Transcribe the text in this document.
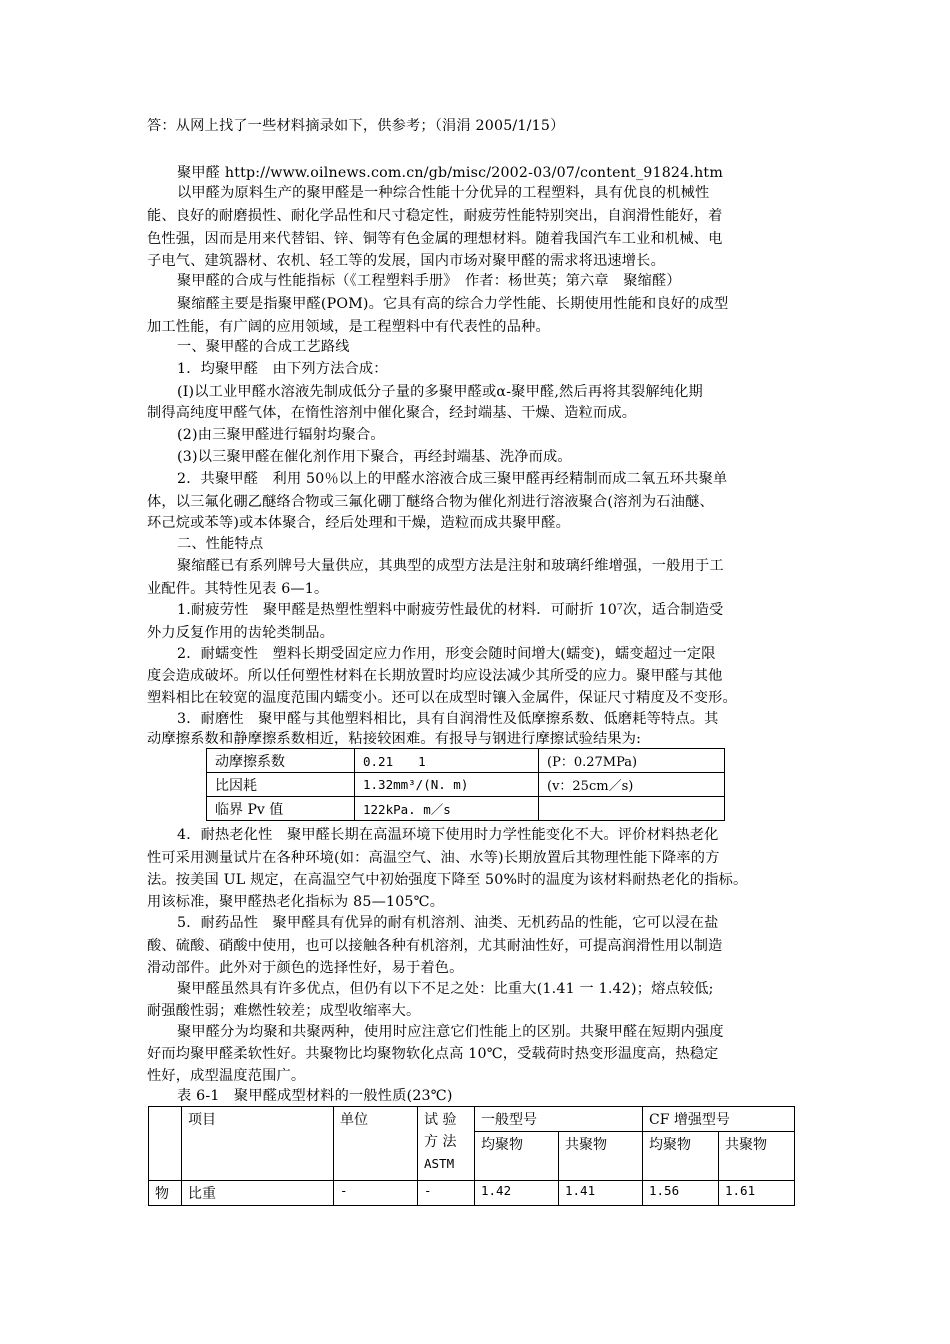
答：从网上找了一些材料摘录如下，供参考；（涓涓 2005/1/15）
聚甲醛 http://www.oilnews.com.cn/gb/misc/2002-03/07/content_91824.htm
以甲醛为原料生产的聚甲醛是一种综合性能十分优异的工程塑料，具有优良的机械性
能、良好的耐磨损性、耐化学品性和尺寸稳定性，耐疲劳性能特别突出，自润滑性能好，着
色性强，因而是用来代替铝、锌、铜等有色金属的理想材料。随着我国汽车工业和机械、电
子电气、建筑器材、农机、轻工等的发展，国内市场对聚甲醛的需求将迅速增长。
聚甲醛的合成与性能指标（《工程塑料手册》　作者：杨世英；第六章　聚缩醛）
聚缩醛主要是指聚甲醛(POM)。它具有高的综合力学性能、长期使用性能和良好的成型
加工性能，有广阔的应用领域，是工程塑料中有代表性的品种。
一、聚甲醛的合成工艺路线
1．均聚甲醛　由下列方法合成：
(I)以工业甲醛水溶液先制成低分子量的多聚甲醛或α-聚甲醛,然后再将其裂解纯化期
制得高纯度甲醛气体，在惰性溶剂中催化聚合，经封端基、干燥、造粒而成。
(2)由三聚甲醛进行辐射均聚合。
(3)以三聚甲醛在催化剂作用下聚合，再经封端基、洗净而成。
2．共聚甲醛　利用 50％以上的甲醛水溶液合成三聚甲醛再经精制而成二氧五环共聚单
体，以三氟化硼乙醚络合物或三氟化硼丁醚络合物为催化剂进行溶液聚合(溶剂为石油醚、
环己烷或苯等)或本体聚合，经后处理和干燥，造粒而成共聚甲醛。
二、性能特点
聚缩醛已有系列牌号大量供应，其典型的成型方法是注射和玻璃纤维增强，一般用于工
业配件。其特性见表 6—1。
1.耐疲劳性　聚甲醛是热塑性塑料中耐疲劳性最优的材料．可耐折 10⁷次，适合制造受
外力反复作用的齿轮类制品。
2．耐蠕变性　塑料长期受固定应力作用，形变会随时间增大(蠕变)，蠕变超过一定限
度会造成破坏。所以任何塑性材料在长期放置时均应设法减少其所受的应力。聚甲醛与其他
塑料相比在较宽的温度范围内蠕变小。还可以在成型时镶入金属件，保证尺寸精度及不变形。
3．耐磨性　聚甲醛与其他塑料相比，具有自润滑性及低摩擦系数、低磨耗等特点。其
动摩擦系数和静摩擦系数相近，粘接较困难。有报导与钢进行摩擦试验结果为:
动摩擦系数	0.21　　1	(P：0.27MPa)
比因耗	1.32mm³/(N. m)	(v：25cm／s)
临界 Pv 值	122kPa. m／s	
4．耐热老化性　聚甲醛长期在高温环境下使用时力学性能变化不大。评价材料热老化
性可采用测量试片在各种环境(如：高温空气、油、水等)长期放置后其物理性能下降率的方
法。按美国 UL 规定，在高温空气中初始强度下降至 50%时的温度为该材料耐热老化的指标。
用该标准，聚甲醛热老化指标为 85—105℃。
5．耐药品性　聚甲醛具有优异的耐有机溶剂、油类、无机药品的性能，它可以浸在盐
酸、硫酸、硝酸中使用，也可以接触各种有机溶剂，尤其耐油性好，可提高润滑性用以制造
滑动部件。此外对于颜色的选择性好，易于着色。
聚甲醛虽然具有许多优点，但仍有以下不足之处：比重大(1.41 一 1.42)；熔点较低;
耐强酸性弱；难燃性较差；成型收缩率大。
聚甲醛分为均聚和共聚两种，使用时应注意它们性能上的区别。共聚甲醛在短期内强度
好而均聚甲醛柔软性好。共聚物比均聚物软化点高 10℃，受载荷时热变形温度高，热稳定
性好，成型温度范围广。
表 6-1　聚甲醛成型材料的一般性质(23℃)
	项目	单位	试 验
方 法
ASTM	一般型号		CF 增强型号	
				均聚物	共聚物	均聚物	共聚物
物	比重	-	-	1.42	1.41	1.56	1.61
